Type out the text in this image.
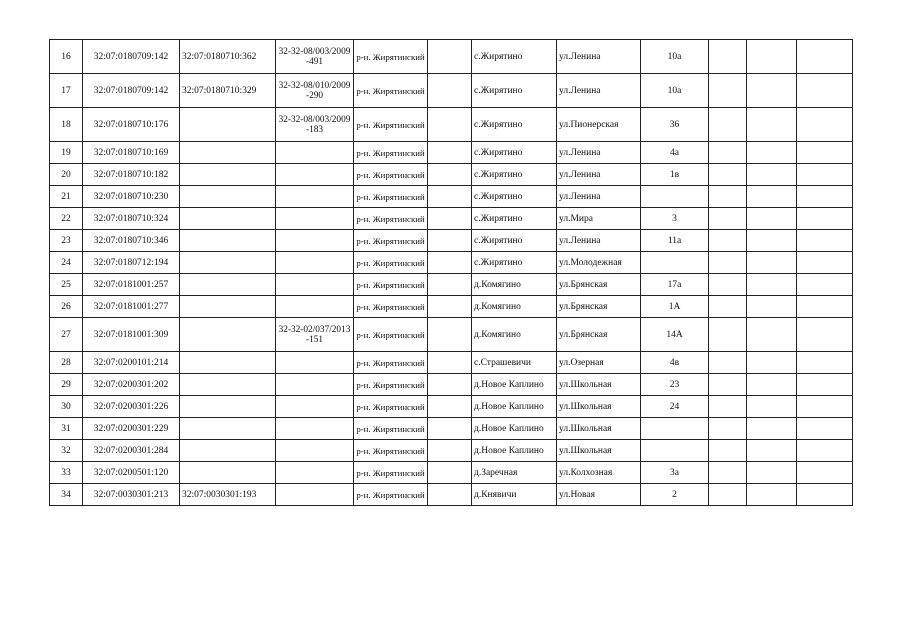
16	32:07:0180709:142	32:07:0180710:362	32-32-08/003/2009-491	р-н. Жирятинский		с.Жирятино	ул.Ленина	10а			
17	32:07:0180709:142	32:07:0180710:329	32-32-08/010/2009-290	р-н. Жирятинский		с.Жирятино	ул.Ленина	10а			
18	32:07:0180710:176		32-32-08/003/2009-183	р-н. Жирятинский		с.Жирятино	ул.Пионерская	36			
19	32:07:0180710:169			р-н. Жирятинский		с.Жирятино	ул.Ленина	4а			
20	32:07:0180710:182			р-н. Жирятинский		с.Жирятино	ул.Ленина	1в			
21	32:07:0180710:230			р-н. Жирятинский		с.Жирятино	ул.Ленина				
22	32:07:0180710:324			р-н. Жирятинский		с.Жирятино	ул.Мира	3			
23	32:07:0180710:346			р-н. Жирятинский		с.Жирятино	ул.Ленина	11а			
24	32:07:0180712:194			р-н. Жирятинский		с.Жирятино	ул.Молодежная				
25	32:07:0181001:257			р-н. Жирятинский		д.Комягино	ул.Брянская	17а			
26	32:07:0181001:277			р-н. Жирятинский		д.Комягино	ул.Брянская	1А			
27	32:07:0181001:309		32-32-02/037/2013-151	р-н. Жирятинский		д.Комягино	ул.Брянская	14А			
28	32:07:0200101:214			р-н. Жирятинский		с.Страшевичи	ул.Озерная	4в			
29	32:07:0200301:202			р-н. Жирятинский		д.Новое Каплино	ул.Школьная	23			
30	32:07:0200301:226			р-н. Жирятинский		д.Новое Каплино	ул.Школьная	24			
31	32:07:0200301:229			р-н. Жирятинский		д.Новое Каплино	ул.Школьная				
32	32:07:0200301:284			р-н. Жирятинский		д.Новое Каплино	ул.Школьная				
33	32:07:0200501:120			р-н. Жирятинский		д.Заречная	ул.Колхозная	3а			
34	32:07:0030301:213	32:07:0030301:193		р-н. Жирятинский		д.Княвичи	ул.Новая	2			
